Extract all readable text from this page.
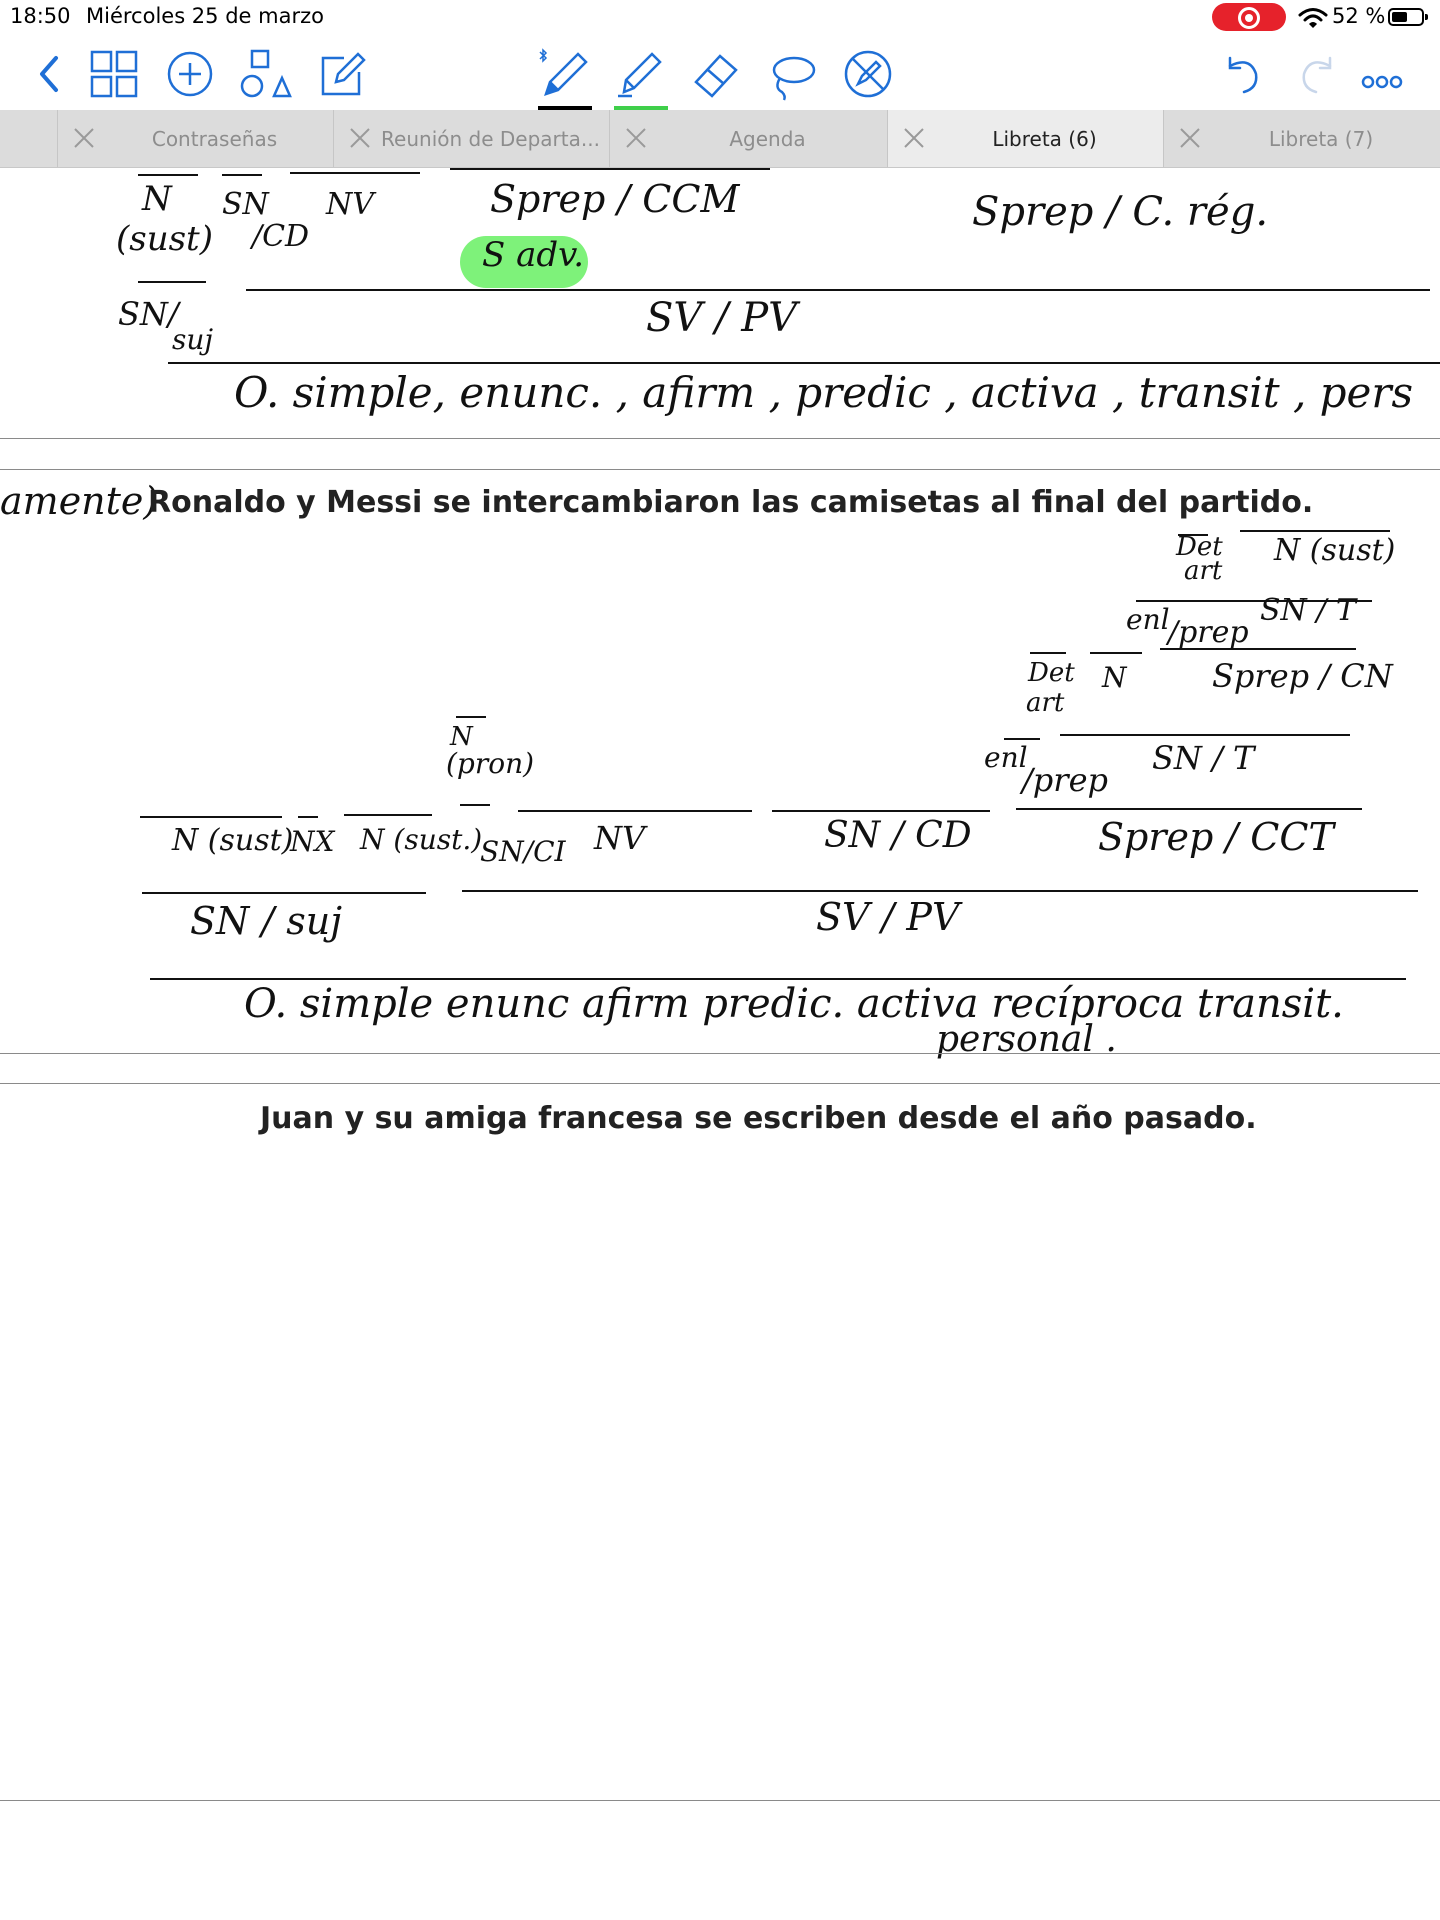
18:50 Miércoles 25 de marzo	52 %
Contraseñas	Reunión de Departa...	Agenda	Libreta (6)	Libreta (7)
N
(sust)
SN
/CD
NV	Sprep / CCM
S adv.
Sprep / C. rég.
SN/
suj	SV / PV
O. simple, enunc. , afirm , predic , activa , transit , pers
amente)
Ronaldo y Messi se intercambiaron las camisetas al final del partido.
Det
art
N (sust)
enl
/prep
SN / T
Det
art
N	Sprep / CN
enl
/prep
SN / T
N
(pron)
N (sust)
NX N (sust.)
SN/CI NV	SN / CD	Sprep / CCT
SN / suj	SV / PV
O. simple enunc afirm predic. activa recíproca transit.
personal .
Juan y su amiga francesa se escriben desde el año pasado.
